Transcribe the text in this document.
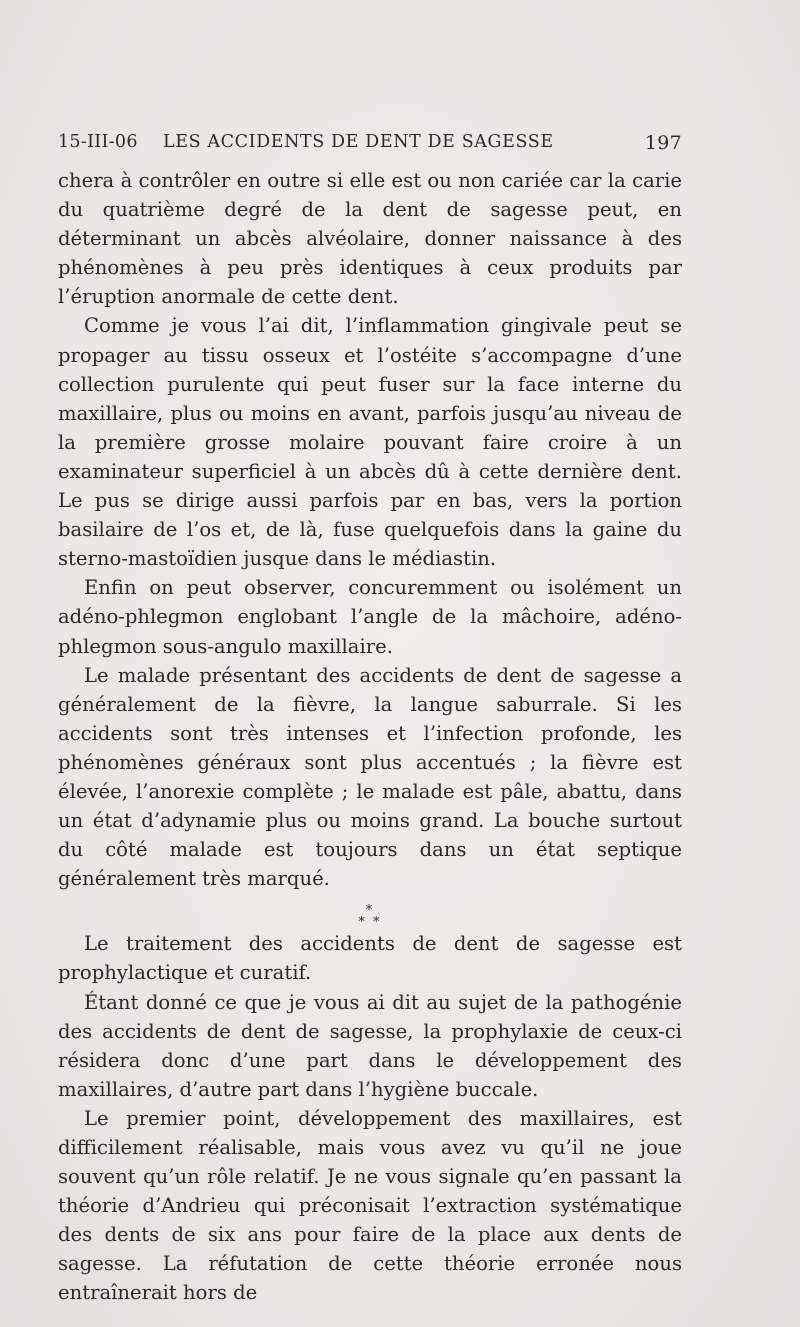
15-III-06 LES ACCIDENTS DE DENT DE SAGESSE	197

chera à contrôler en outre si elle est ou non cariée car la carie du quatrième degré de la dent de sagesse peut, en déterminant un abcès alvéolaire, donner naissance à des phénomènes à peu près identiques à ceux produits par l’éruption anormale de cette dent.

Comme je vous l’ai dit, l’inflammation gingivale peut se propager au tissu osseux et l’ostéite s’accompagne d’une collection purulente qui peut fuser sur la face interne du maxillaire, plus ou moins en avant, parfois jusqu’au niveau de la première grosse molaire pouvant faire croire à un examinateur superficiel à un abcès dû à cette dernière dent. Le pus se dirige aussi parfois par en bas, vers la portion basilaire de l’os et, de là, fuse quelquefois dans la gaine du sterno-mastoïdien jusque dans le médiastin.

Enfin on peut observer, concuremment ou isolément un adéno-phlegmon englobant l’angle de la mâchoire, adéno-phlegmon sous-angulo maxillaire.

Le malade présentant des accidents de dent de sagesse a généralement de la fièvre, la langue saburrale. Si les accidents sont très intenses et l’infection profonde, les phénomènes généraux sont plus accentués ; la fièvre est élevée, l’anorexie complète ; le malade est pâle, abattu, dans un état d’adynamie plus ou moins grand. La bouche surtout du côté malade est toujours dans un état septique généralement très marqué.

*
* *

Le traitement des accidents de dent de sagesse est prophylactique et curatif.

Étant donné ce que je vous ai dit au sujet de la pathogénie des accidents de dent de sagesse, la prophylaxie de ceux-ci résidera donc d’une part dans le développement des maxillaires, d’autre part dans l’hygiène buccale.

Le premier point, développement des maxillaires, est difficilement réalisable, mais vous avez vu qu’il ne joue souvent qu’un rôle relatif. Je ne vous signale qu’en passant la théorie d’Andrieu qui préconisait l’extraction systématique des dents de six ans pour faire de la place aux dents de sagesse. La réfutation de cette théorie erronée nous entraînerait hors de
